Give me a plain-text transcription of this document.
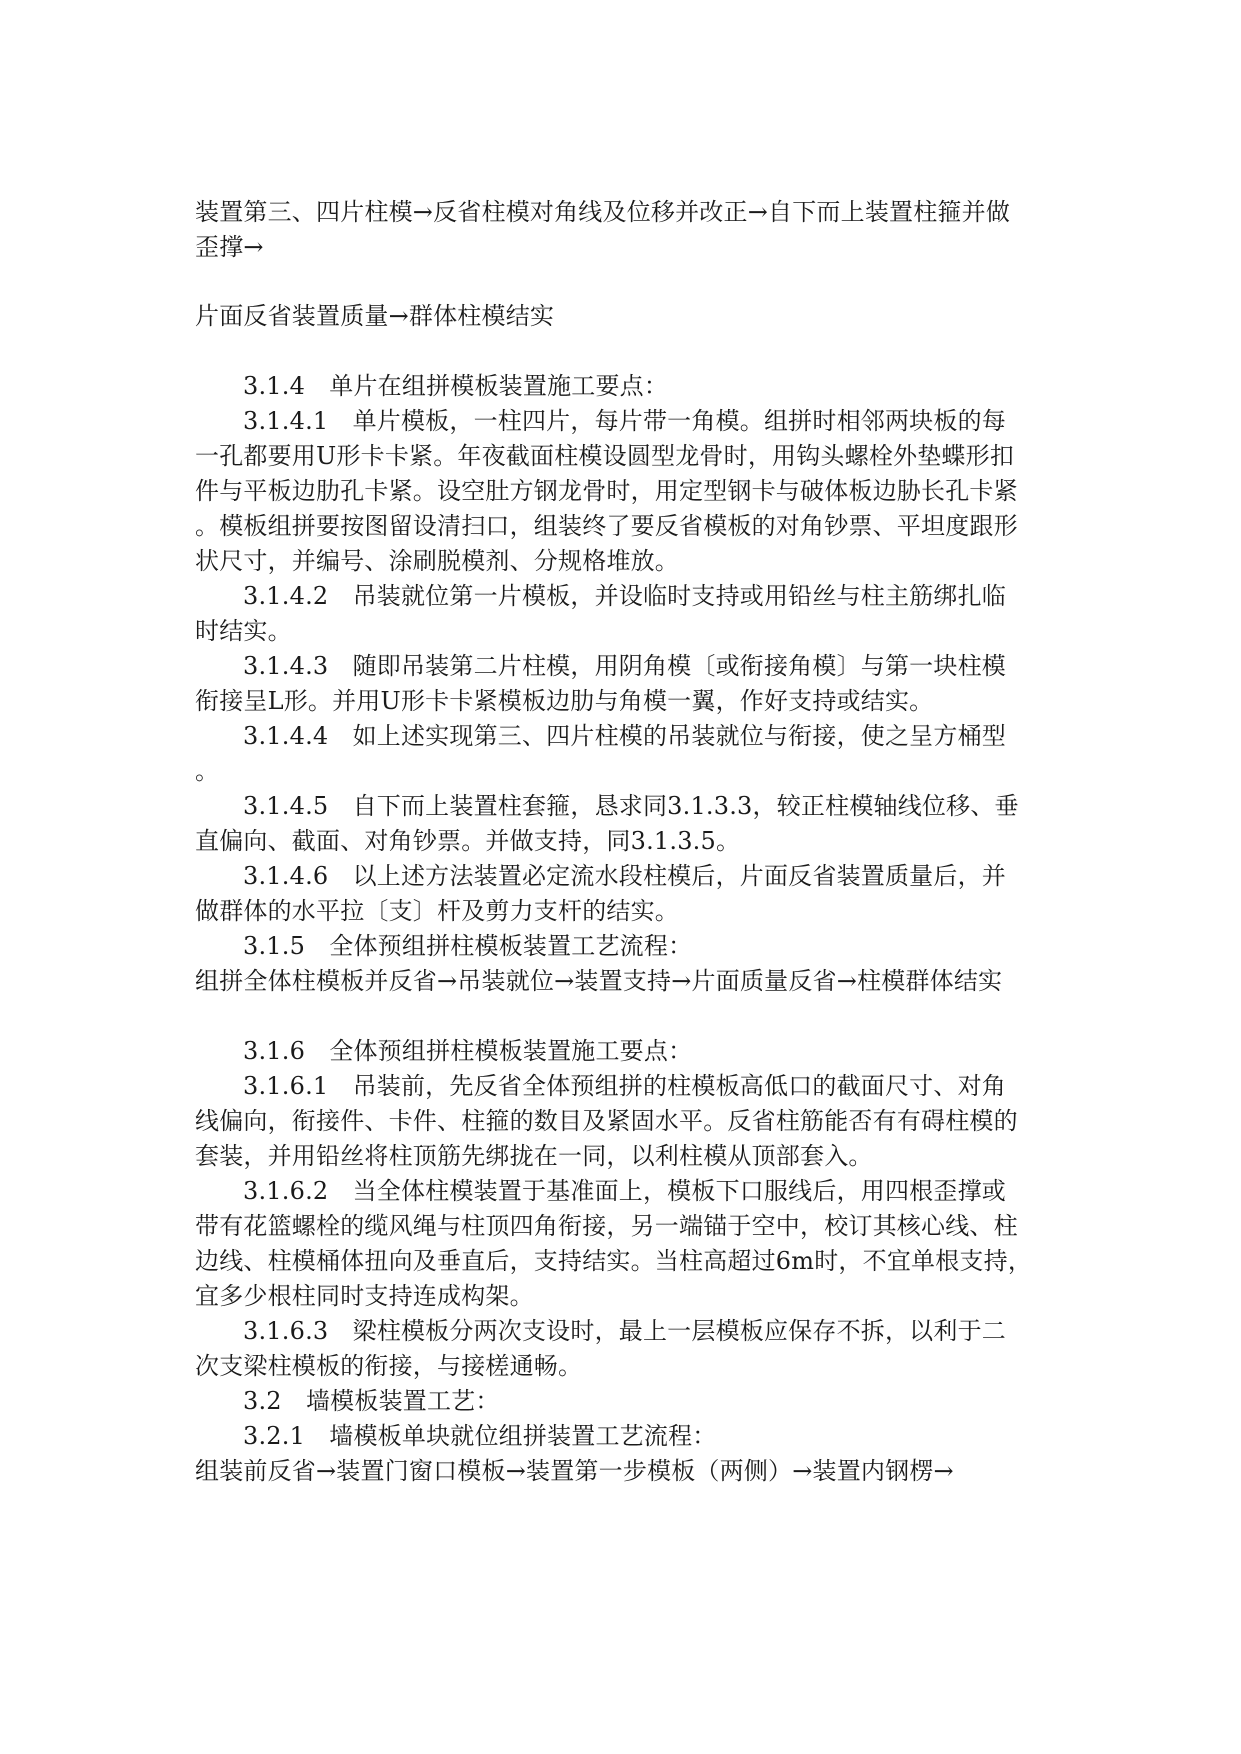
装置第三、四片柱模→反省柱模对角线及位移并改正→自下而上装置柱箍并做
歪撑→
片面反省装置质量→群体柱模结实
3.1.4　单片在组拼模板装置施工要点：
3.1.4.1　单片模板，一柱四片，每片带一角模。组拼时相邻两块板的每
一孔都要用U形卡卡紧。年夜截面柱模设圆型龙骨时，用钩头螺栓外垫蝶形扣
件与平板边肋孔卡紧。设空肚方钢龙骨时，用定型钢卡与破体板边胁长孔卡紧
。模板组拼要按图留设清扫口，组装终了要反省模板的对角钞票、平坦度跟形
状尺寸，并编号、涂刷脱模剂、分规格堆放。
3.1.4.2　吊装就位第一片模板，并设临时支持或用铅丝与柱主筋绑扎临
时结实。
3.1.4.3　随即吊装第二片柱模，用阴角模〔或衔接角模〕与第一块柱模
衔接呈L形。并用U形卡卡紧模板边肋与角模一翼，作好支持或结实。
3.1.4.4　如上述实现第三、四片柱模的吊装就位与衔接，使之呈方桶型
。
3.1.4.5　自下而上装置柱套箍，恳求同3.1.3.3，较正柱模轴线位移、垂
直偏向、截面、对角钞票。并做支持，同3.1.3.5。
3.1.4.6　以上述方法装置必定流水段柱模后，片面反省装置质量后，并
做群体的水平拉〔支〕杆及剪力支杆的结实。
3.1.5　全体预组拼柱模板装置工艺流程：
组拼全体柱模板并反省→吊装就位→装置支持→片面质量反省→柱模群体结实
3.1.6　全体预组拼柱模板装置施工要点：
3.1.6.1　吊装前，先反省全体预组拼的柱模板高低口的截面尺寸、对角
线偏向，衔接件、卡件、柱箍的数目及紧固水平。反省柱筋能否有有碍柱模的
套装，并用铅丝将柱顶筋先绑拢在一同，以利柱模从顶部套入。
3.1.6.2　当全体柱模装置于基准面上，模板下口服线后，用四根歪撑或
带有花篮螺栓的缆风绳与柱顶四角衔接，另一端锚于空中，校订其核心线、柱
边线、柱模桶体扭向及垂直后，支持结实。当柱高超过6m时，不宜单根支持，
宜多少根柱同时支持连成构架。
3.1.6.3　梁柱模板分两次支设时，最上一层模板应保存不拆，以利于二
次支梁柱模板的衔接，与接槎通畅。
3.2　墙模板装置工艺：
3.2.1　墙模板单块就位组拼装置工艺流程：
组装前反省→装置门窗口模板→装置第一步模板（两侧）→装置内钢楞→
